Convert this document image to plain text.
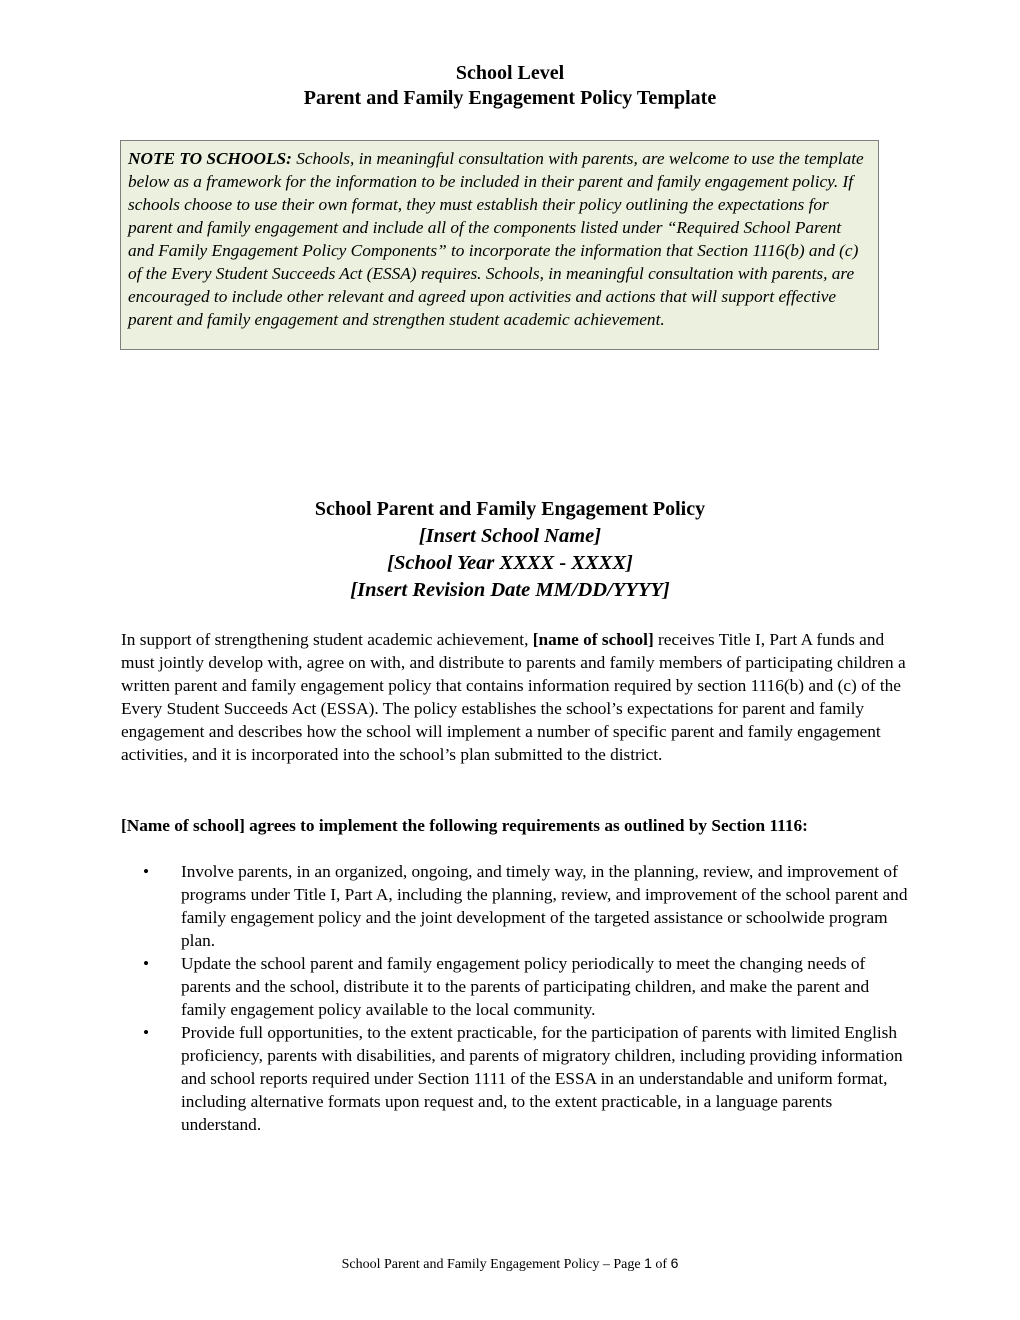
School Level
Parent and Family Engagement Policy Template
NOTE TO SCHOOLS: Schools, in meaningful consultation with parents, are welcome to use the template below as a framework for the information to be included in their parent and family engagement policy. If schools choose to use their own format, they must establish their policy outlining the expectations for parent and family engagement and include all of the components listed under “Required School Parent and Family Engagement Policy Components” to incorporate the information that Section 1116(b) and (c) of the Every Student Succeeds Act (ESSA) requires. Schools, in meaningful consultation with parents, are encouraged to include other relevant and agreed upon activities and actions that will support effective parent and family engagement and strengthen student academic achievement.
School Parent and Family Engagement Policy
[Insert School Name]
[School Year XXXX - XXXX]
[Insert Revision Date MM/DD/YYYY]
In support of strengthening student academic achievement, [name of school] receives Title I, Part A funds and must jointly develop with, agree on with, and distribute to parents and family members of participating children a written parent and family engagement policy that contains information required by section 1116(b) and (c) of the Every Student Succeeds Act (ESSA). The policy establishes the school’s expectations for parent and family engagement and describes how the school will implement a number of specific parent and family engagement activities, and it is incorporated into the school’s plan submitted to the district.
[Name of school] agrees to implement the following requirements as outlined by Section 1116:
• Involve parents, in an organized, ongoing, and timely way, in the planning, review, and improvement of programs under Title I, Part A, including the planning, review, and improvement of the school parent and family engagement policy and the joint development of the targeted assistance or schoolwide program plan.
• Update the school parent and family engagement policy periodically to meet the changing needs of parents and the school, distribute it to the parents of participating children, and make the parent and family engagement policy available to the local community.
• Provide full opportunities, to the extent practicable, for the participation of parents with limited English proficiency, parents with disabilities, and parents of migratory children, including providing information and school reports required under Section 1111 of the ESSA in an understandable and uniform format, including alternative formats upon request and, to the extent practicable, in a language parents understand.
School Parent and Family Engagement Policy – Page 1 of 6
